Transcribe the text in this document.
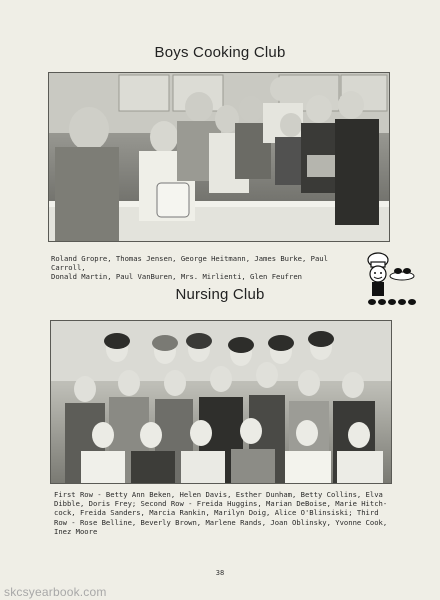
Boys Cooking Club
Roland Gropre, Thomas Jensen, George Heitmann, James Burke, Paul Carroll,
Donald Martin, Paul VanBuren, Mrs. Mirlienti, Glen Feufren
Nursing Club
First Row - Betty Ann Beken, Helen Davis, Esther Dunham, Betty Collins, Elva
Dibble, Doris Frey; Second Row - Freida Huggins, Marian DeBoise, Marie Hitch-
cock, Freida Sanders, Marcia Rankin, Marilyn Doig, Alice O'Blinsiski; Third
Row - Rose Belline, Beverly Brown, Marlene Rands, Joan Oblinsky, Yvonne Cook,
Inez Moore
38
skcsyearbook.com
